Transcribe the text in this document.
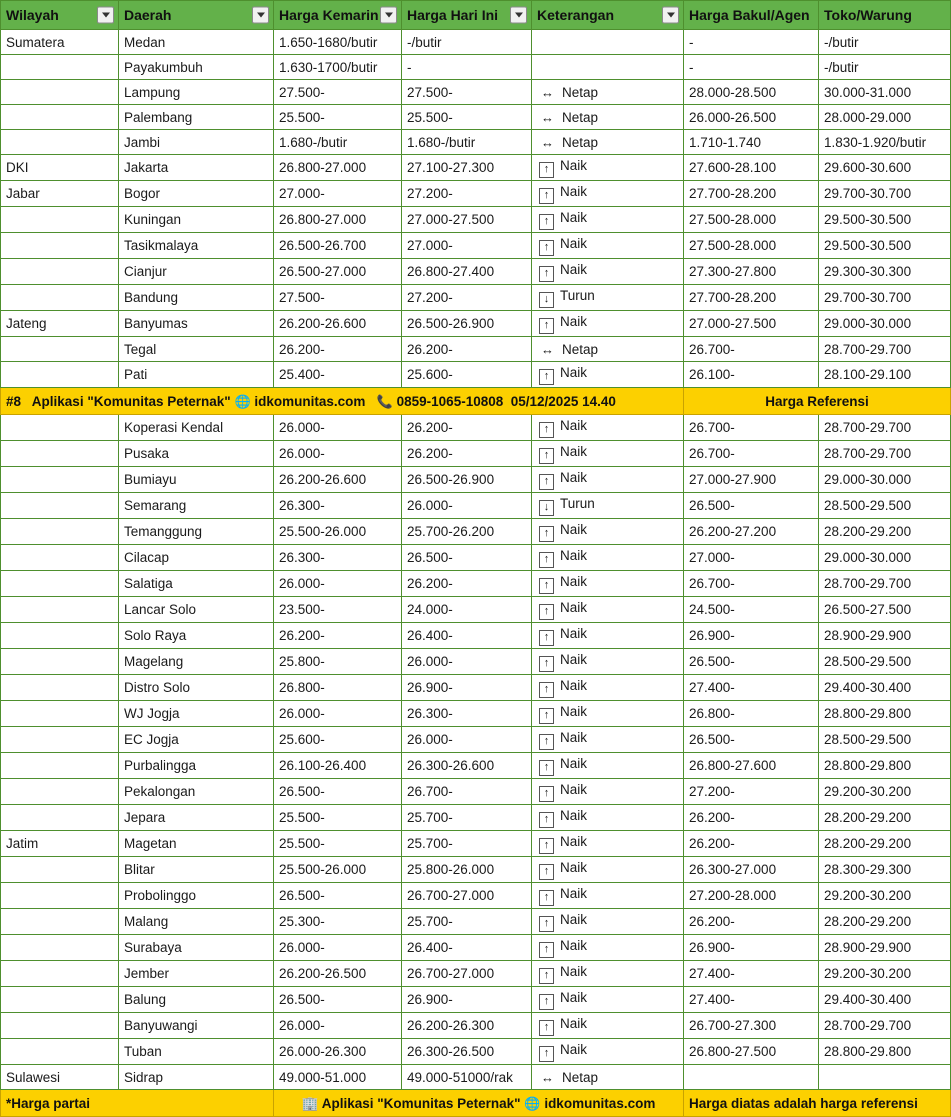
Wilayah	Daerah	Harga Kemarin	Harga Hari Ini	Keterangan	Harga Bakul/Agen	Toko/Warung
Sumatera	Medan	1.650-1680/butir	-/butir		-	-/butir
	Payakumbuh	1.630-1700/butir	-		-	-/butir
	Lampung	27.500-	27.500-	↔ Netap	28.000-28.500	30.000-31.000
	Palembang	25.500-	25.500-	↔ Netap	26.000-26.500	28.000-29.000
	Jambi	1.680-/butir	1.680-/butir	↔ Netap	1.710-1.740	1.830-1.920/butir
DKI	Jakarta	26.800-27.000	27.100-27.300	↑ Naik	27.600-28.100	29.600-30.600
Jabar	Bogor	27.000-	27.200-	↑ Naik	27.700-28.200	29.700-30.700
	Kuningan	26.800-27.000	27.000-27.500	↑ Naik	27.500-28.000	29.500-30.500
	Tasikmalaya	26.500-26.700	27.000-	↑ Naik	27.500-28.000	29.500-30.500
	Cianjur	26.500-27.000	26.800-27.400	↑ Naik	27.300-27.800	29.300-30.300
	Bandung	27.500-	27.200-	↓ Turun	27.700-28.200	29.700-30.700
Jateng	Banyumas	26.200-26.600	26.500-26.900	↑ Naik	27.000-27.500	29.000-30.000
	Tegal	26.200-	26.200-	↔ Netap	26.700-	28.700-29.700
	Pati	25.400-	25.600-	↑ Naik	26.100-	28.100-29.100
#8 Aplikasi "Komunitas Peternak" 🌐 idkomunitas.com 📞 0859-1065-10808 05/12/2025 14.40					Harga Referensi	
	Koperasi Kendal	26.000-	26.200-	↑ Naik	26.700-	28.700-29.700
	Pusaka	26.000-	26.200-	↑ Naik	26.700-	28.700-29.700
	Bumiayu	26.200-26.600	26.500-26.900	↑ Naik	27.000-27.900	29.000-30.000
	Semarang	26.300-	26.000-	↓ Turun	26.500-	28.500-29.500
	Temanggung	25.500-26.000	25.700-26.200	↑ Naik	26.200-27.200	28.200-29.200
	Cilacap	26.300-	26.500-	↑ Naik	27.000-	29.000-30.000
	Salatiga	26.000-	26.200-	↑ Naik	26.700-	28.700-29.700
	Lancar Solo	23.500-	24.000-	↑ Naik	24.500-	26.500-27.500
	Solo Raya	26.200-	26.400-	↑ Naik	26.900-	28.900-29.900
	Magelang	25.800-	26.000-	↑ Naik	26.500-	28.500-29.500
	Distro Solo	26.800-	26.900-	↑ Naik	27.400-	29.400-30.400
	WJ Jogja	26.000-	26.300-	↑ Naik	26.800-	28.800-29.800
	EC Jogja	25.600-	26.000-	↑ Naik	26.500-	28.500-29.500
	Purbalingga	26.100-26.400	26.300-26.600	↑ Naik	26.800-27.600	28.800-29.800
	Pekalongan	26.500-	26.700-	↑ Naik	27.200-	29.200-30.200
	Jepara	25.500-	25.700-	↑ Naik	26.200-	28.200-29.200
Jatim	Magetan	25.500-	25.700-	↑ Naik	26.200-	28.200-29.200
	Blitar	25.500-26.000	25.800-26.000	↑ Naik	26.300-27.000	28.300-29.300
	Probolinggo	26.500-	26.700-27.000	↑ Naik	27.200-28.000	29.200-30.200
	Malang	25.300-	25.700-	↑ Naik	26.200-	28.200-29.200
	Surabaya	26.000-	26.400-	↑ Naik	26.900-	28.900-29.900
	Jember	26.200-26.500	26.700-27.000	↑ Naik	27.400-	29.200-30.200
	Balung	26.500-	26.900-	↑ Naik	27.400-	29.400-30.400
	Banyuwangi	26.000-	26.200-26.300	↑ Naik	26.700-27.300	28.700-29.700
	Tuban	26.000-26.300	26.300-26.500	↑ Naik	26.800-27.500	28.800-29.800
Sulawesi	Sidrap	49.000-51.000	49.000-51000/rak	↔ Netap		
*Harga partai		🏢 Aplikasi "Komunitas Peternak" 🌐 idkomunitas.com			Harga diatas adalah harga referensi	
